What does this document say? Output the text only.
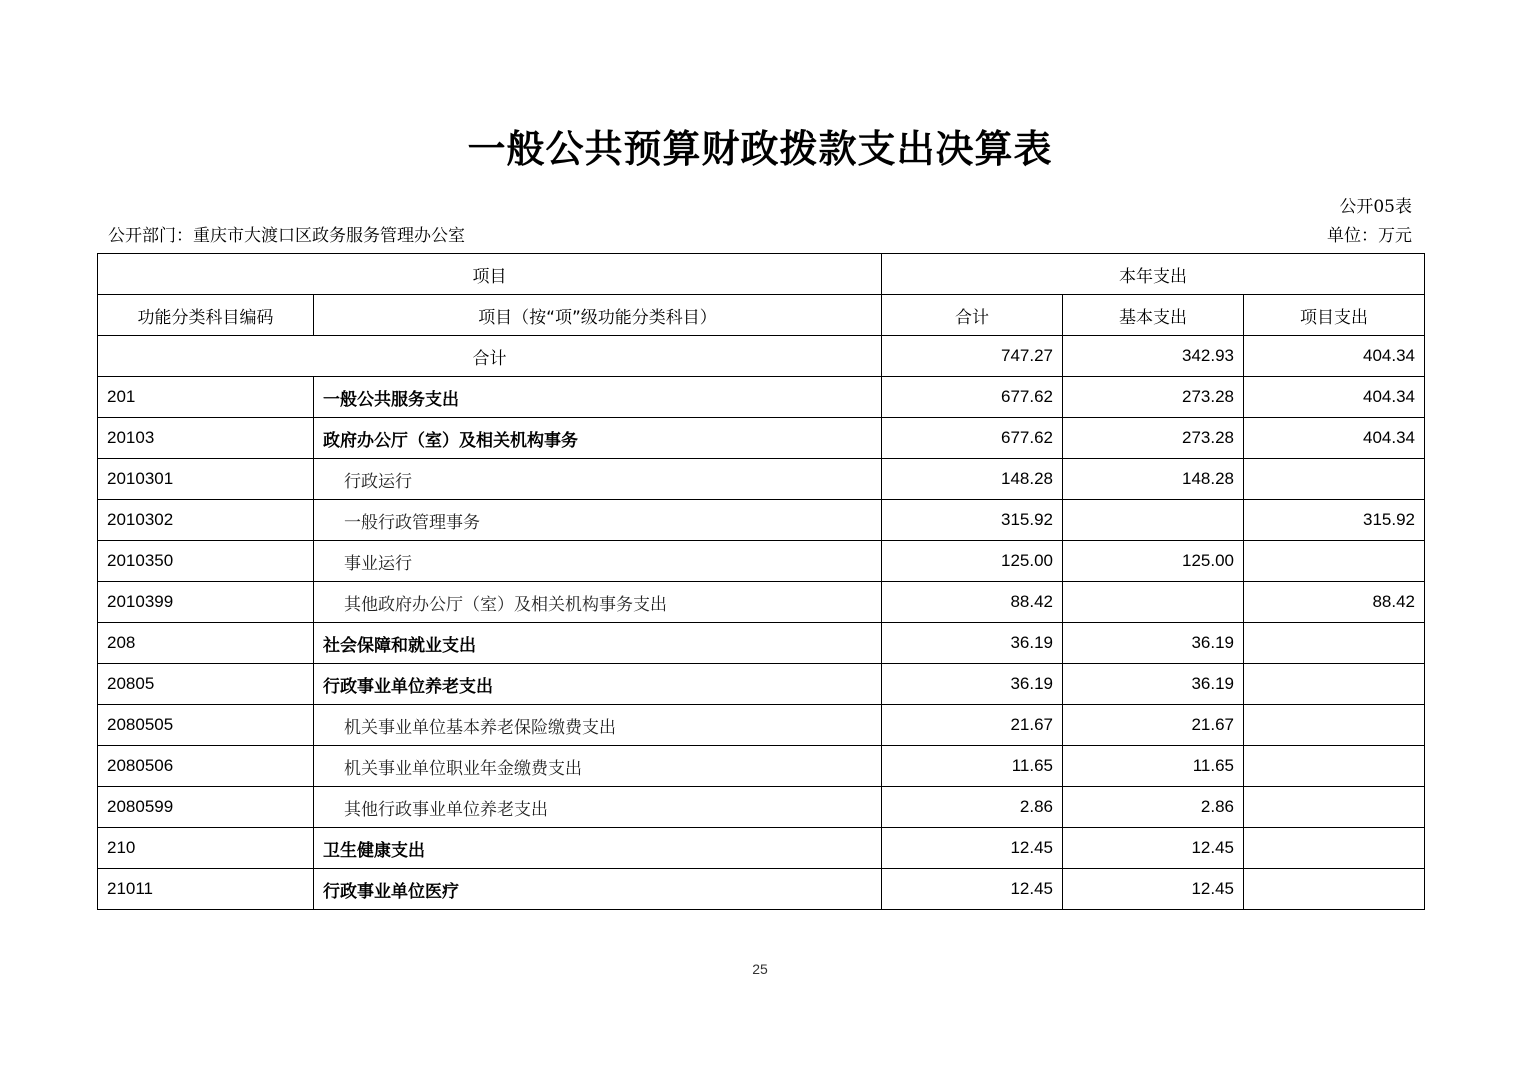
一般公共预算财政拨款支出决算表
公开05表
公开部门：重庆市大渡口区政务服务管理办公室	单位：万元
项目		本年支出		
功能分类科目编码	项目（按“项”级功能分类科目）	合计	基本支出	项目支出
合计		747.27	342.93	404.34
201	一般公共服务支出	677.62	273.28	404.34
20103	政府办公厅（室）及相关机构事务	677.62	273.28	404.34
2010301	行政运行	148.28	148.28	
2010302	一般行政管理事务	315.92		315.92
2010350	事业运行	125.00	125.00	
2010399	其他政府办公厅（室）及相关机构事务支出	88.42		88.42
208	社会保障和就业支出	36.19	36.19	
20805	行政事业单位养老支出	36.19	36.19	
2080505	机关事业单位基本养老保险缴费支出	21.67	21.67	
2080506	机关事业单位职业年金缴费支出	11.65	11.65	
2080599	其他行政事业单位养老支出	2.86	2.86	
210	卫生健康支出	12.45	12.45	
21011	行政事业单位医疗	12.45	12.45	
25
